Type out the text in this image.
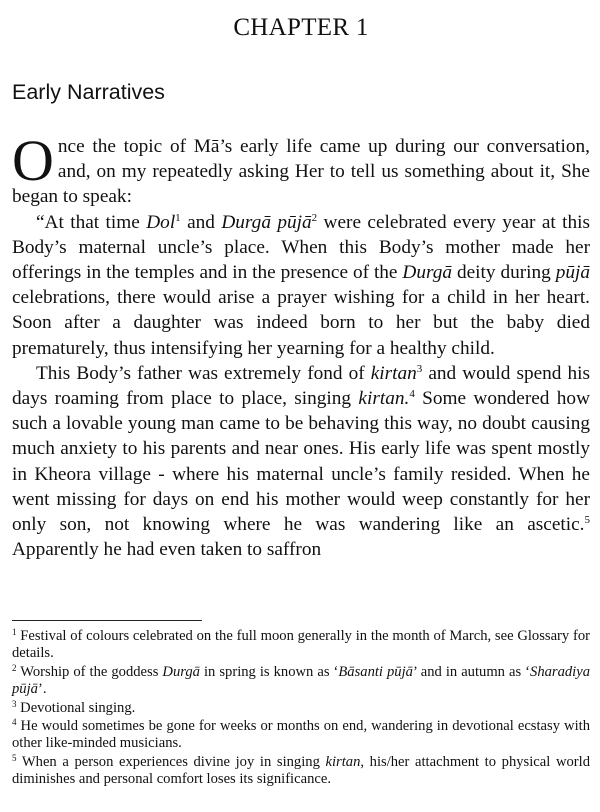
CHAPTER 1
Early Narratives

Once the topic of Mā’s early life came up during our conversation, and, on my repeatedly asking Her to tell us something about it, She began to speak:

“At that time Dol$^1$ and Durgā pūjā$^2$ were celebrated every year at this Body’s maternal uncle’s place. When this Body’s mother made her offerings in the temples and in the presence of the Durgā deity during pūjā celebrations, there would arise a prayer wishing for a child in her heart. Soon after a daughter was indeed born to her but the baby died prematurely, thus intensifying her yearning for a healthy child.

This Body’s father was extremely fond of kirtan$^3$ and would spend his days roaming from place to place, singing kirtan.$^4$ Some wondered how such a lovable young man came to be behaving this way, no doubt causing much anxiety to his parents and near ones. His early life was spent mostly in Kheora village - where his maternal uncle’s family resided. When he went missing for days on end his mother would weep constantly for her only son, not knowing where he was wandering like an ascetic.$^5$ Apparently he had even taken to saffron

$^1$ Festival of colours celebrated on the full moon generally in the month of March, see Glossary for details.

$^2$ Worship of the goddess Durgā in spring is known as ‘Bāsanti pūjā’ and in autumn as ‘Sharadiya pūjā’.

$^3$ Devotional singing.

$^4$ He would sometimes be gone for weeks or months on end, wandering in devotional ecstasy with other like-minded musicians.

$^5$ When a person experiences divine joy in singing kirtan, his/her attachment to physical world diminishes and personal comfort loses its significance.
